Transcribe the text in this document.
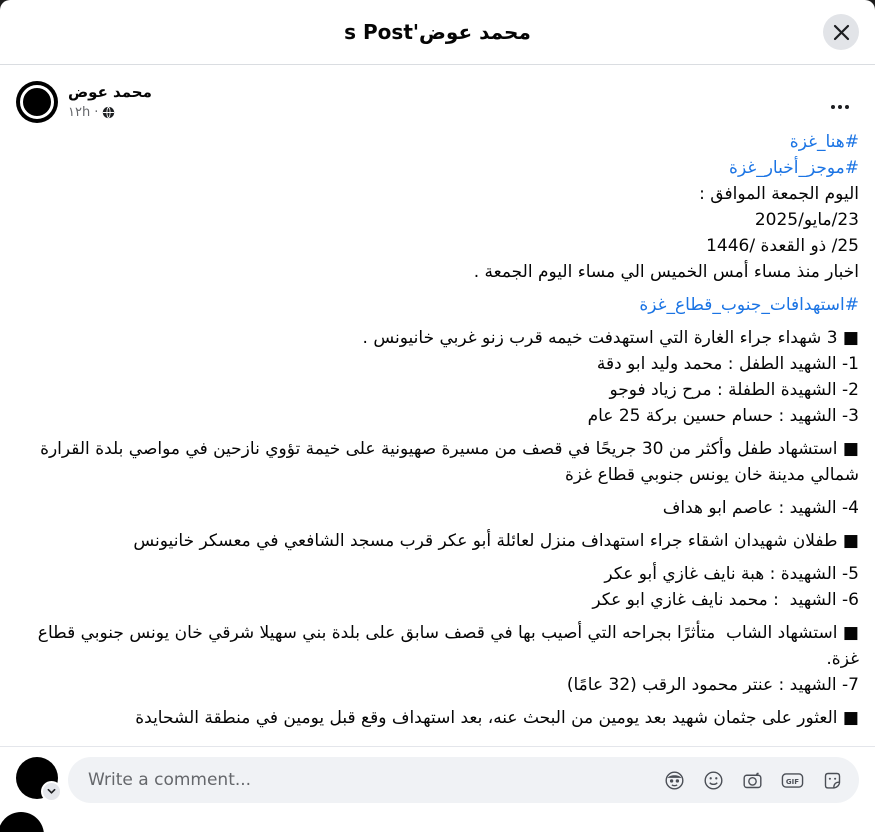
محمد عوض's Post
محمد عوض
١٢h ·
#هنا_غزة
#موجز_أخبار_غزة
اليوم الجمعة الموافق :
23/مايو/2025
25/ ذو القعدة /1446
اخبار منذ مساء أمس الخميس الي مساء اليوم الجمعة .
#استهدافات_جنوب_قطاع_غزة
■ 3 شهداء جراء الغارة التي استهدفت خيمه قرب زنو غربي خانيونس .
1- الشهيد الطفل : محمد وليد ابو دقة
2- الشهيدة الطفلة : مرح زياد فوجو
3- الشهيد : حسام حسين بركة 25 عام
■ استشهاد طفل وأكثر من 30 جريحًا في قصف من مسيرة صهيونية على خيمة تؤوي نازحين في مواصي بلدة القرارة شمالي مدينة خان يونس جنوبي قطاع غزة
4- الشهيد : عاصم ابو هداف
■ طفلان شهيدان اشقاء جراء استهداف منزل لعائلة أبو عكر قرب مسجد الشافعي في معسكر خانيونس
5- الشهيدة : هبة نايف غازي أبو عكر
6- الشهيد  : محمد نايف غازي ابو عكر
■ استشهاد الشاب  متأثرًا بجراحه التي أصيب بها في قصف سابق على بلدة بني سهيلا شرقي خان يونس جنوبي قطاع غزة.
7- الشهيد : عنتر محمود الرقب (32 عامًا)
■ العثور على جثمان شهيد بعد يومين من البحث عنه، بعد استهداف وقع قبل يومين في منطقة الشحايدة
Write a comment...
GIF
